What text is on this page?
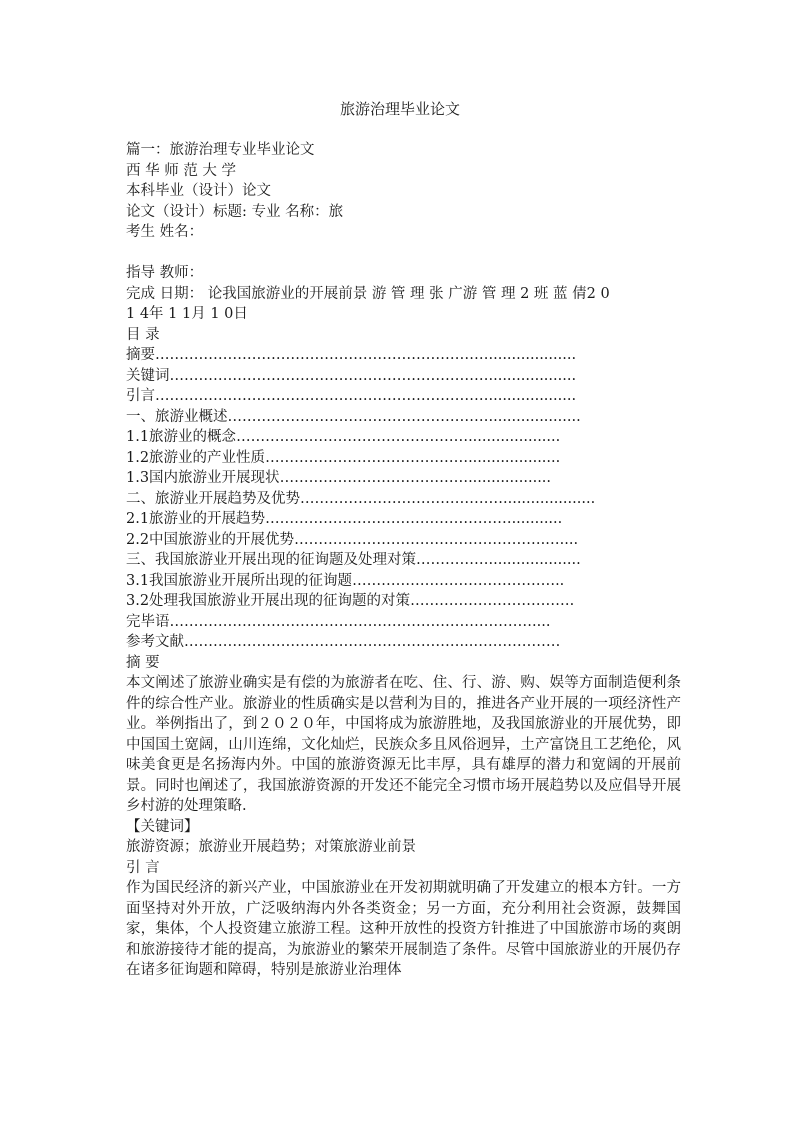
旅游治理毕业论文
篇一：旅游治理专业毕业论文
西 华 师 范 大 学
本科毕业（设计）论文
论文（设计）标题: 专业 名称：旅
考生 姓名：
指导 教师：
完成 日期： 论我国旅游业的开展前景 游 管 理 张 广游 管 理 2 班 蓝 倩2 0
1 4年 1 1月 1 0日
目 录
摘要……………………………………………………………...................
关键词…………………………………………………………...................
引言……………………………………………………………...................
一、旅游业概述………………………………………………....................
1.1旅游业的概念…………………………………………....................
1.2旅游业的产业性质……………………………………....................
1.3国内旅游业开展现状…………………………………..................
二、旅游业开展趋势及优势……………………………………....................
2.1旅游业的开展趋势……………………………………………...........
2.2中国旅游业的开展优势…………………………………………….…....
三、我国旅游业开展出现的征询题及处理对策……………....................
3.1我国旅游业开展所出现的征询题……………………………………..
3.2处理我国旅游业开展出现的征询题的对策…………………………….
完毕语…………………………………………………………………....
参考文献…………………………………………………...………………
摘 要
本文阐述了旅游业确实是有偿的为旅游者在吃、住、行、游、购、娱等方面制造便利条件的综合性产业。旅游业的性质确实是以营利为目的，推进各产业开展的一项经济性产业。举例指出了，到２０２０年，中国将成为旅游胜地，及我国旅游业的开展优势，即中国国土宽阔，山川连绵，文化灿烂，民族众多且风俗迥异，土产富饶且工艺绝伦，风味美食更是名扬海内外。中国的旅游资源无比丰厚，具有雄厚的潜力和宽阔的开展前景。同时也阐述了，我国旅游资源的开发还不能完全习惯市场开展趋势以及应倡导开展乡村游的处理策略.
【关键词】
旅游资源；旅游业开展趋势；对策旅游业前景
引 言
作为国民经济的新兴产业，中国旅游业在开发初期就明确了开发建立的根本方针。一方面坚持对外开放，广泛吸纳海内外各类资金；另一方面，充分利用社会资源，鼓舞国家，集体，个人投资建立旅游工程。这种开放性的投资方针推进了中国旅游市场的爽朗和旅游接待才能的提高，为旅游业的繁荣开展制造了条件。尽管中国旅游业的开展仍存在诸多征询题和障碍，特别是旅游业治理体
